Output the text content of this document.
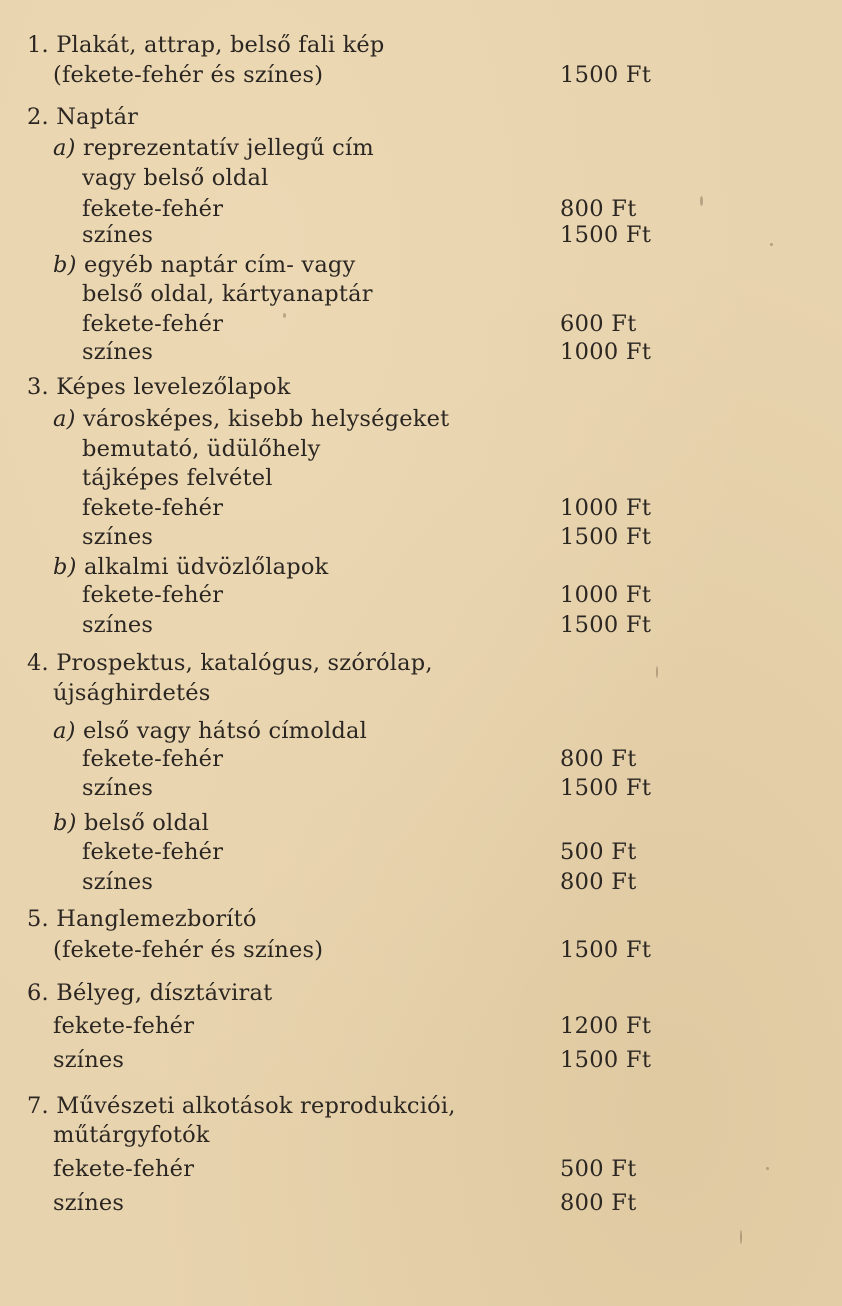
1. Plakát, attrap, belső fali kép
(fekete-fehér és színes)	1500 Ft
2. Naptár
a) reprezentatív jellegű cím
vagy belső oldal
fekete-fehér	800 Ft
színes	1500 Ft
b) egyéb naptár cím- vagy
belső oldal, kártyanaptár
fekete-fehér	600 Ft
színes	1000 Ft
3. Képes levelezőlapok
a) városképes, kisebb helységeket
bemutató, üdülőhely
tájképes felvétel
fekete-fehér	1000 Ft
színes	1500 Ft
b) alkalmi üdvözlőlapok
fekete-fehér	1000 Ft
színes	1500 Ft
4. Prospektus, katalógus, szórólap,
újsághirdetés
a) első vagy hátsó címoldal
fekete-fehér	800 Ft
színes	1500 Ft
b) belső oldal
fekete-fehér	500 Ft
színes	800 Ft
5. Hanglemezborító
(fekete-fehér és színes)	1500 Ft
6. Bélyeg, dísztávirat
fekete-fehér	1200 Ft
színes	1500 Ft
7. Művészeti alkotások reprodukciói,
műtárgyfotók
fekete-fehér	500 Ft
színes	800 Ft
